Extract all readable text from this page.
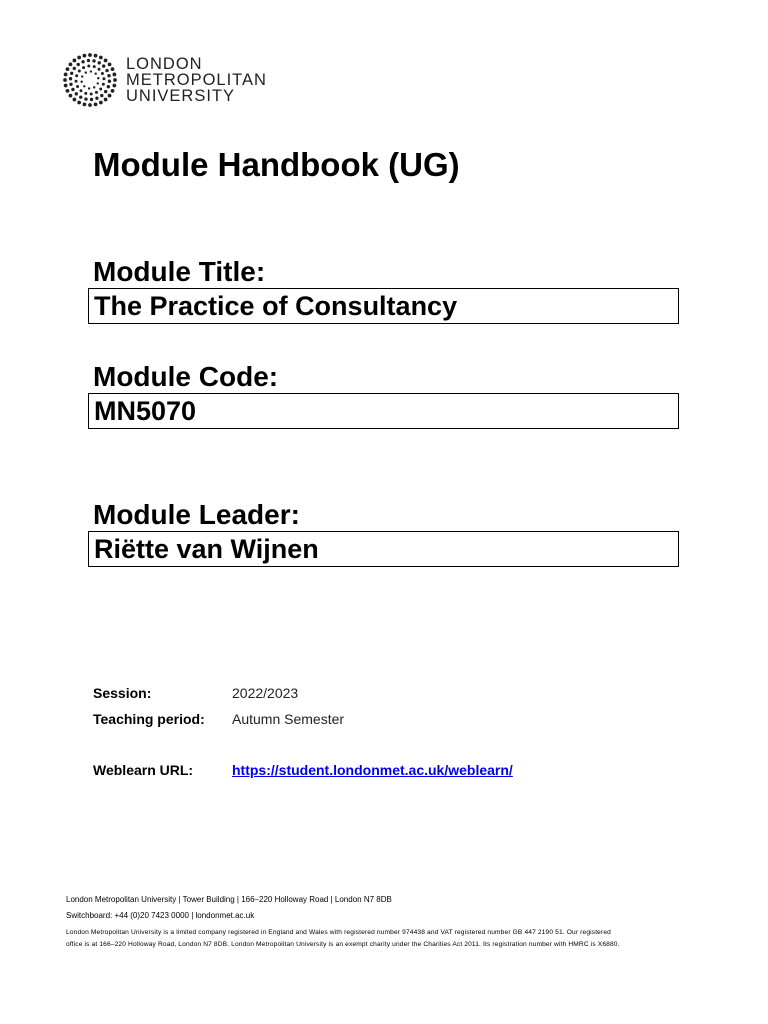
LONDON
METROPOLITAN
UNIVERSITY
Module Handbook (UG)
Module Title:
The Practice of Consultancy
Module Code:
MN5070
Module Leader:
Riëtte van Wijnen
Session:	2022/2023
Teaching period: Autumn Semester
Weblearn URL:	https://student.londonmet.ac.uk/weblearn/
London Metropolitan University | Tower Building | 166–220 Holloway Road | London N7 8DB
Switchboard: +44 (0)20 7423 0000 | londonmet.ac.uk
London Metropolitan University is a limited company registered in England and Wales with registered number 974438 and VAT registered number GB 447 2190 51. Our registered
office is at 166–220 Holloway Road, London N7 8DB. London Metropolitan University is an exempt charity under the Charities Act 2011. Its registration number with HMRC is X6880.
